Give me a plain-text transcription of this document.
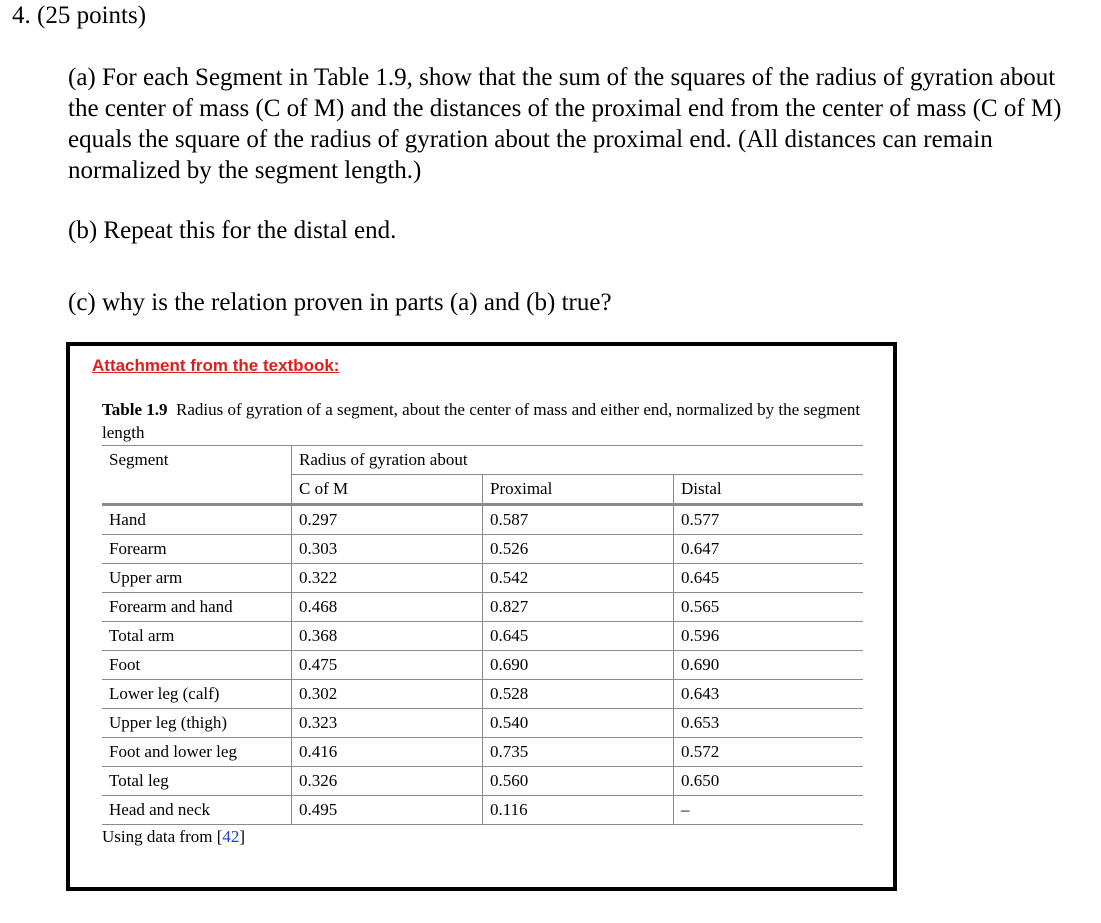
4. (25 points)
(a) For each Segment in Table 1.9, show that the sum of the squares of the radius of gyration about the center of mass (C of M) and the distances of the proximal end from the center of mass (C of M) equals the square of the radius of gyration about the proximal end. (All distances can remain normalized by the segment length.)
(b) Repeat this for the distal end.
(c) why is the relation proven in parts (a) and (b) true?
Attachment from the textbook:
Table 1.9 Radius of gyration of a segment, about the center of mass and either end, normalized by the segment length
Segment	Radius of gyration about		
	C of M	Proximal	Distal
Hand	0.297	0.587	0.577
Forearm	0.303	0.526	0.647
Upper arm	0.322	0.542	0.645
Forearm and hand	0.468	0.827	0.565
Total arm	0.368	0.645	0.596
Foot	0.475	0.690	0.690
Lower leg (calf)	0.302	0.528	0.643
Upper leg (thigh)	0.323	0.540	0.653
Foot and lower leg	0.416	0.735	0.572
Total leg	0.326	0.560	0.650
Head and neck	0.495	0.116	–
Using data from [42]
